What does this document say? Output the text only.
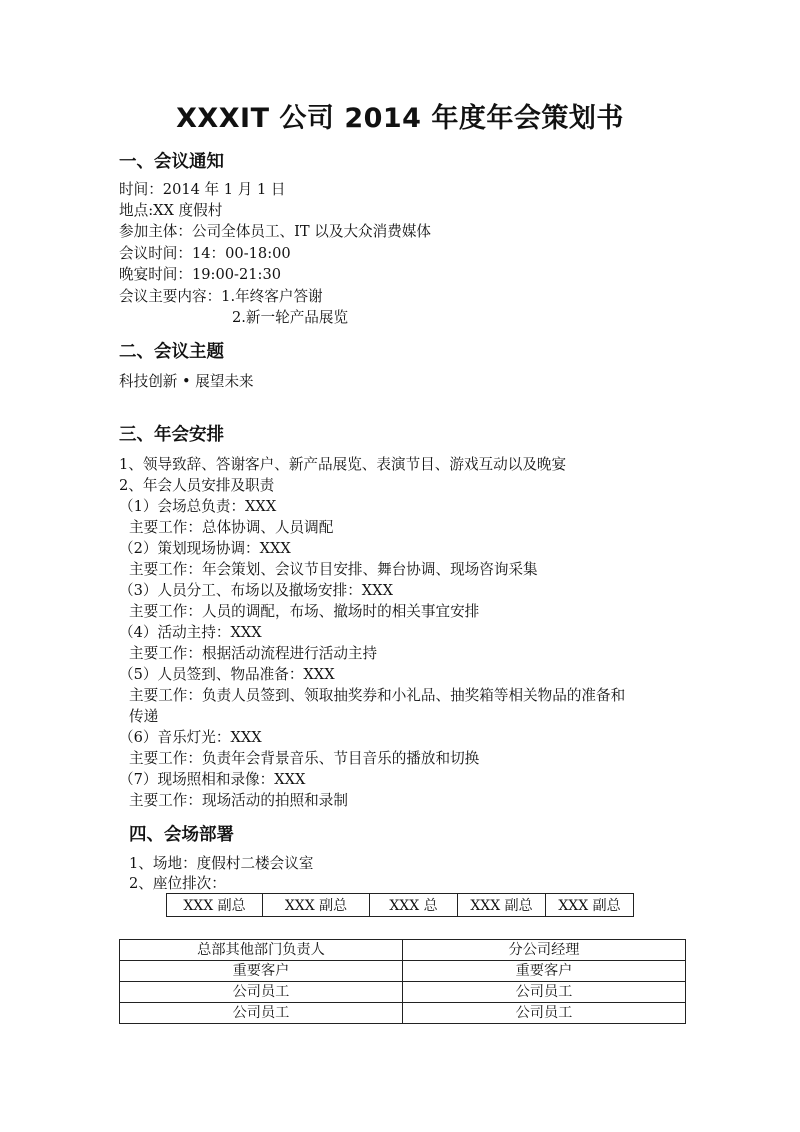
XXXIT 公司 2014 年度年会策划书
一、会议通知
时间：2014 年 1 月 1 日
地点:XX 度假村
参加主体：公司全体员工、IT 以及大众消费媒体
会议时间：14：00-18:00
晚宴时间：19:00-21:30
会议主要内容：1.年终客户答谢
2.新一轮产品展览
二、会议主题
科技创新 • 展望未来
三、年会安排
1、领导致辞、答谢客户、新产品展览、表演节目、游戏互动以及晚宴
2、年会人员安排及职责
（1）会场总负责：XXX
主要工作：总体协调、人员调配
（2）策划现场协调：XXX
主要工作：年会策划、会议节目安排、舞台协调、现场咨询采集
（3）人员分工、布场以及撤场安排：XXX
主要工作：人员的调配，布场、撤场时的相关事宜安排
（4）活动主持：XXX
主要工作：根据活动流程进行活动主持
（5）人员签到、物品准备：XXX
主要工作：负责人员签到、领取抽奖券和小礼品、抽奖箱等相关物品的准备和
传递
（6）音乐灯光：XXX
主要工作：负责年会背景音乐、节目音乐的播放和切换
（7）现场照相和录像：XXX
主要工作：现场活动的拍照和录制
四、会场部署
1、场地：度假村二楼会议室
2、座位排次：
XXX 副总	XXX 副总	XXX 总	XXX 副总	XXX 副总
总部其他部门负责人	分公司经理
重要客户	重要客户
公司员工	公司员工
公司员工	公司员工
